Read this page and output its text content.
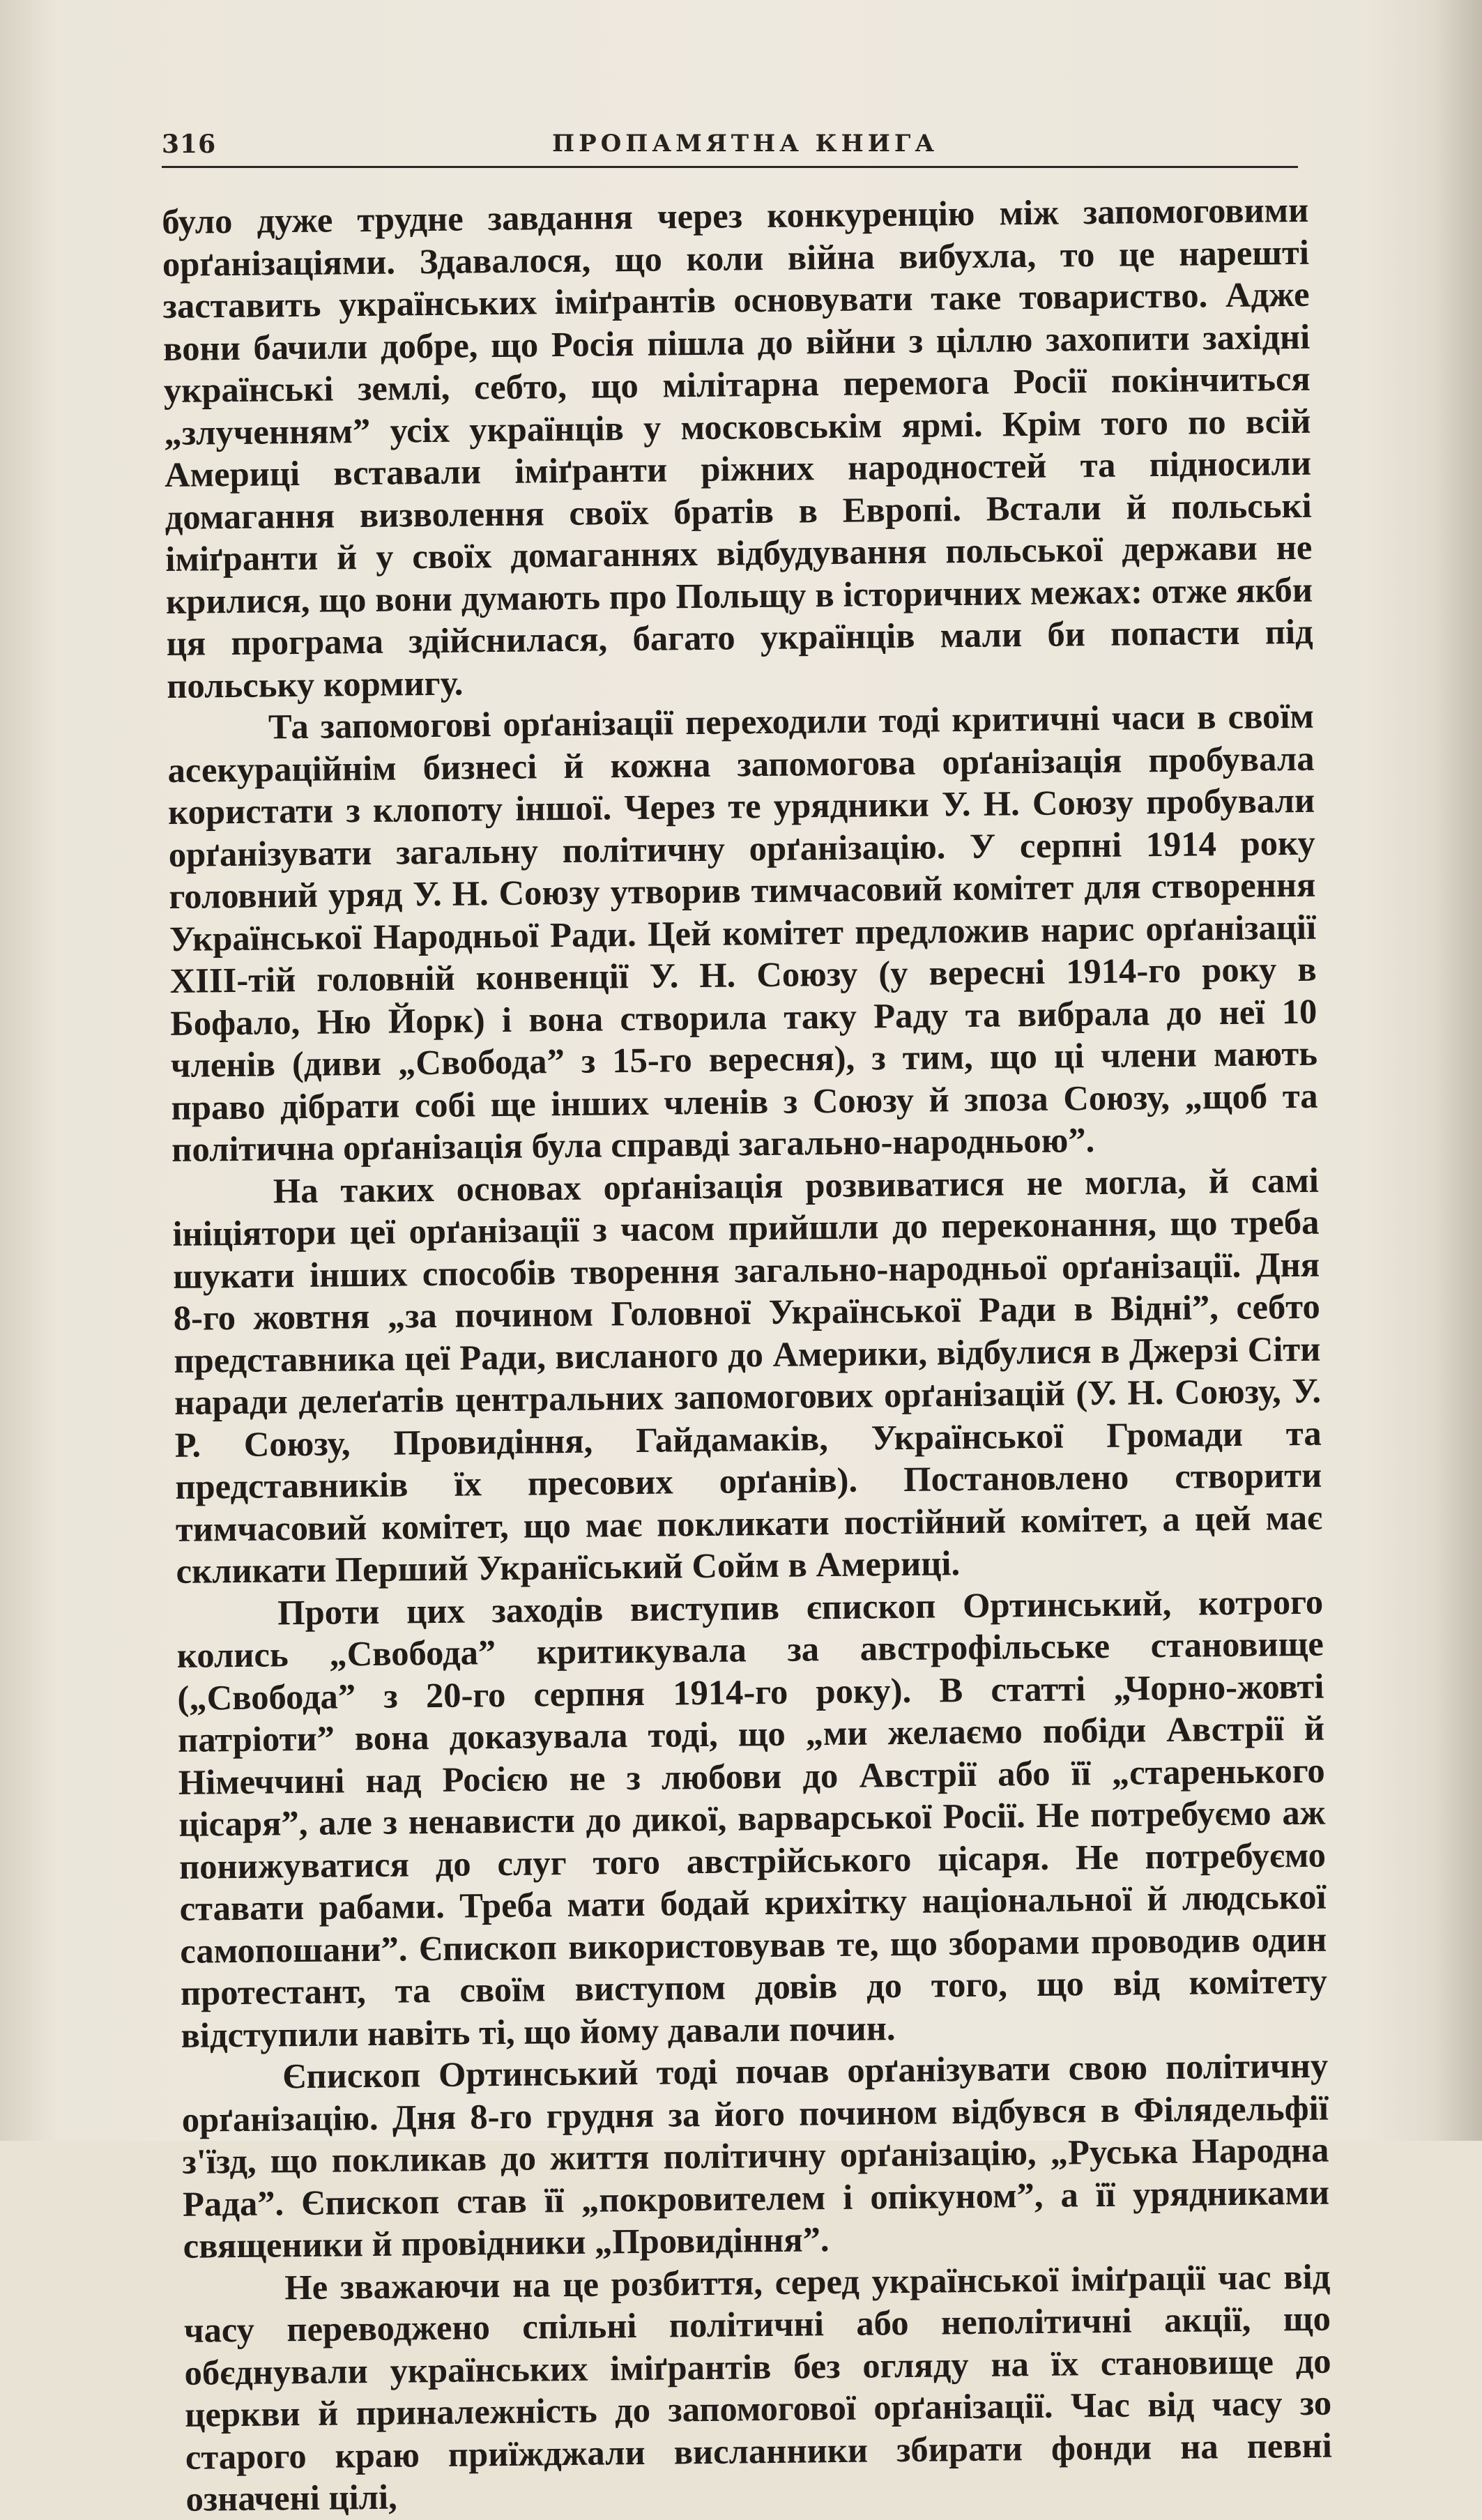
316	ПРОПАМЯТНА КНИГА

було дуже трудне завдання через конкуренцію між запомоговими орґанізаціями. Здавалося, що коли війна вибухла, то це нарешті заставить українських іміґрантів основувати таке товариство. Адже вони бачили добре, що Росія пішла до війни з ціллю захопити західні українські землі, себто, що мілітарна перемога Росії покінчиться „злученням” усіх українців у московськім ярмі. Крім того по всій Америці вставали іміґранти ріжних народностей та підносили домагання визволення своїх братів в Европі. Встали й польські іміґранти й у своїх домаганнях відбудування польської держави не крилися, що вони думають про Польщу в історичних межах: отже якби ця програма здійснилася, багато українців мали би попасти під польську кормигу.

Та запомогові орґанізації переходили тоді критичні часи в своїм асекураційнім бизнесі й кожна запомогова орґанізація пробувала користати з клопоту іншої. Через те урядники У. Н. Союзу пробували орґанізувати загальну політичну орґанізацію. У серпні 1914 року головний уряд У. Н. Союзу утворив тимчасовий комітет для створення Української Народньої Ради. Цей комітет предложив нарис орґанізації XIII-тій головній конвенції У. Н. Союзу (у вересні 1914-го року в Бофало, Ню Йорк) і вона створила таку Раду та вибрала до неї 10 членів (диви „Свобода” з 15-го вересня), з тим, що ці члени мають право дібрати собі ще інших членів з Союзу й зпоза Союзу, „щоб та політична орґанізація була справді загально-народньою”.

На таких основах орґанізація розвиватися не могла, й самі ініціятори цеї орґанізації з часом прийшли до переконання, що треба шукати інших способів творення загально-народньої орґанізації. Дня 8-го жовтня „за почином Головної Української Ради в Відні”, себто представника цеї Ради, висланого до Америки, відбулися в Джерзі Сіти наради делеґатів центральних запомогових орґанізацій (У. Н. Союзу, У. Р. Союзу, Провидіння, Гайдамаків, Української Громади та представників їх пресових орґанів). Постановлено створити тимчасовий комітет, що має покликати постійний комітет, а цей має скликати Перший Укранїський Сойм в Америці.

Проти цих заходів виступив єпископ Ортинський, котрого колись „Свобода” критикувала за австрофільське становище („Свобода” з 20-го серпня 1914-го року). В статті „Чорно-жовті патріоти” вона доказувала тоді, що „ми желаємо побіди Австрії й Німеччині над Росією не з любови до Австрії або її „старенького цісаря”, але з ненависти до дикої, варварської Росії. Не потребуємо аж понижуватися до слуг того австрійського цісаря. Не потребуємо ставати рабами. Треба мати бодай крихітку національної й людської самопошани”. Єпископ використовував те, що зборами проводив один протестант, та своїм виступом довів до того, що від комітету відступили навіть ті, що йому давали почин.

Єпископ Ортинський тоді почав орґанізувати свою політичну орґанізацію. Дня 8-го грудня за його почином відбувся в Філядельфії з'їзд, що покликав до життя політичну орґанізацію, „Руська Народна Рада”. Єпископ став її „покровителем і опікуном”, а її урядниками священики й провідники „Провидіння”.

Не зважаючи на це розбиття, серед української іміґрації час від часу переводжено спільні політичні або неполітичні акції, що обєднували українських іміґрантів без огляду на їх становище до церкви й приналежність до запомогової орґанізації. Час від часу зо старого краю приїжджали висланники збирати фонди на певні означені цілі,
